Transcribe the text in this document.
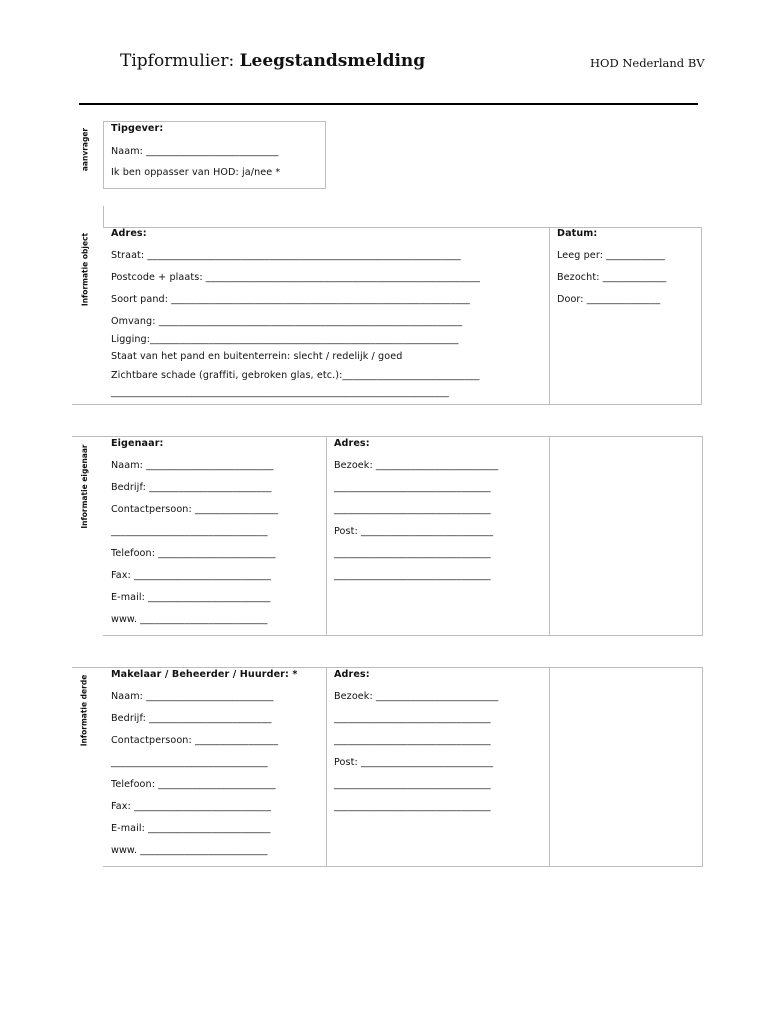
Tipformulier: Leegstandsmelding	HOD Nederland BV
aanvrager Tipgever:
Naam: ___________________________
Ik ben oppasser van HOD: ja/nee *
Informatie object Adres:
Straat: ________________________________________________________________
Postcode + plaats: ________________________________________________________
Soort pand: _____________________________________________________________
Omvang: ______________________________________________________________
Ligging:_______________________________________________________________
Staat van het pand en buitenterrein: slecht / redelijk / goed
Zichtbare schade (graffiti, gebroken glas, etc.):____________________________
_____________________________________________________________________
Datum:
Leeg per: ____________
Bezocht: _____________
Door: _______________
Informatie eigenaar
Eigenaar:
Naam: __________________________
Bedrijf: _________________________
Contactpersoon: _________________
________________________________
Telefoon: ________________________
Fax: ____________________________
E-mail: _________________________
www. __________________________
Adres:
Bezoek: _________________________
________________________________
________________________________
Post: ___________________________
________________________________
________________________________
Informatie derde
Makelaar / Beheerder / Huurder: *
Naam: __________________________
Bedrijf: _________________________
Contactpersoon: _________________
________________________________
Telefoon: ________________________
Fax: ____________________________
E-mail: _________________________
www. __________________________
Adres:
Bezoek: _________________________
________________________________
________________________________
Post: ___________________________
________________________________
________________________________
